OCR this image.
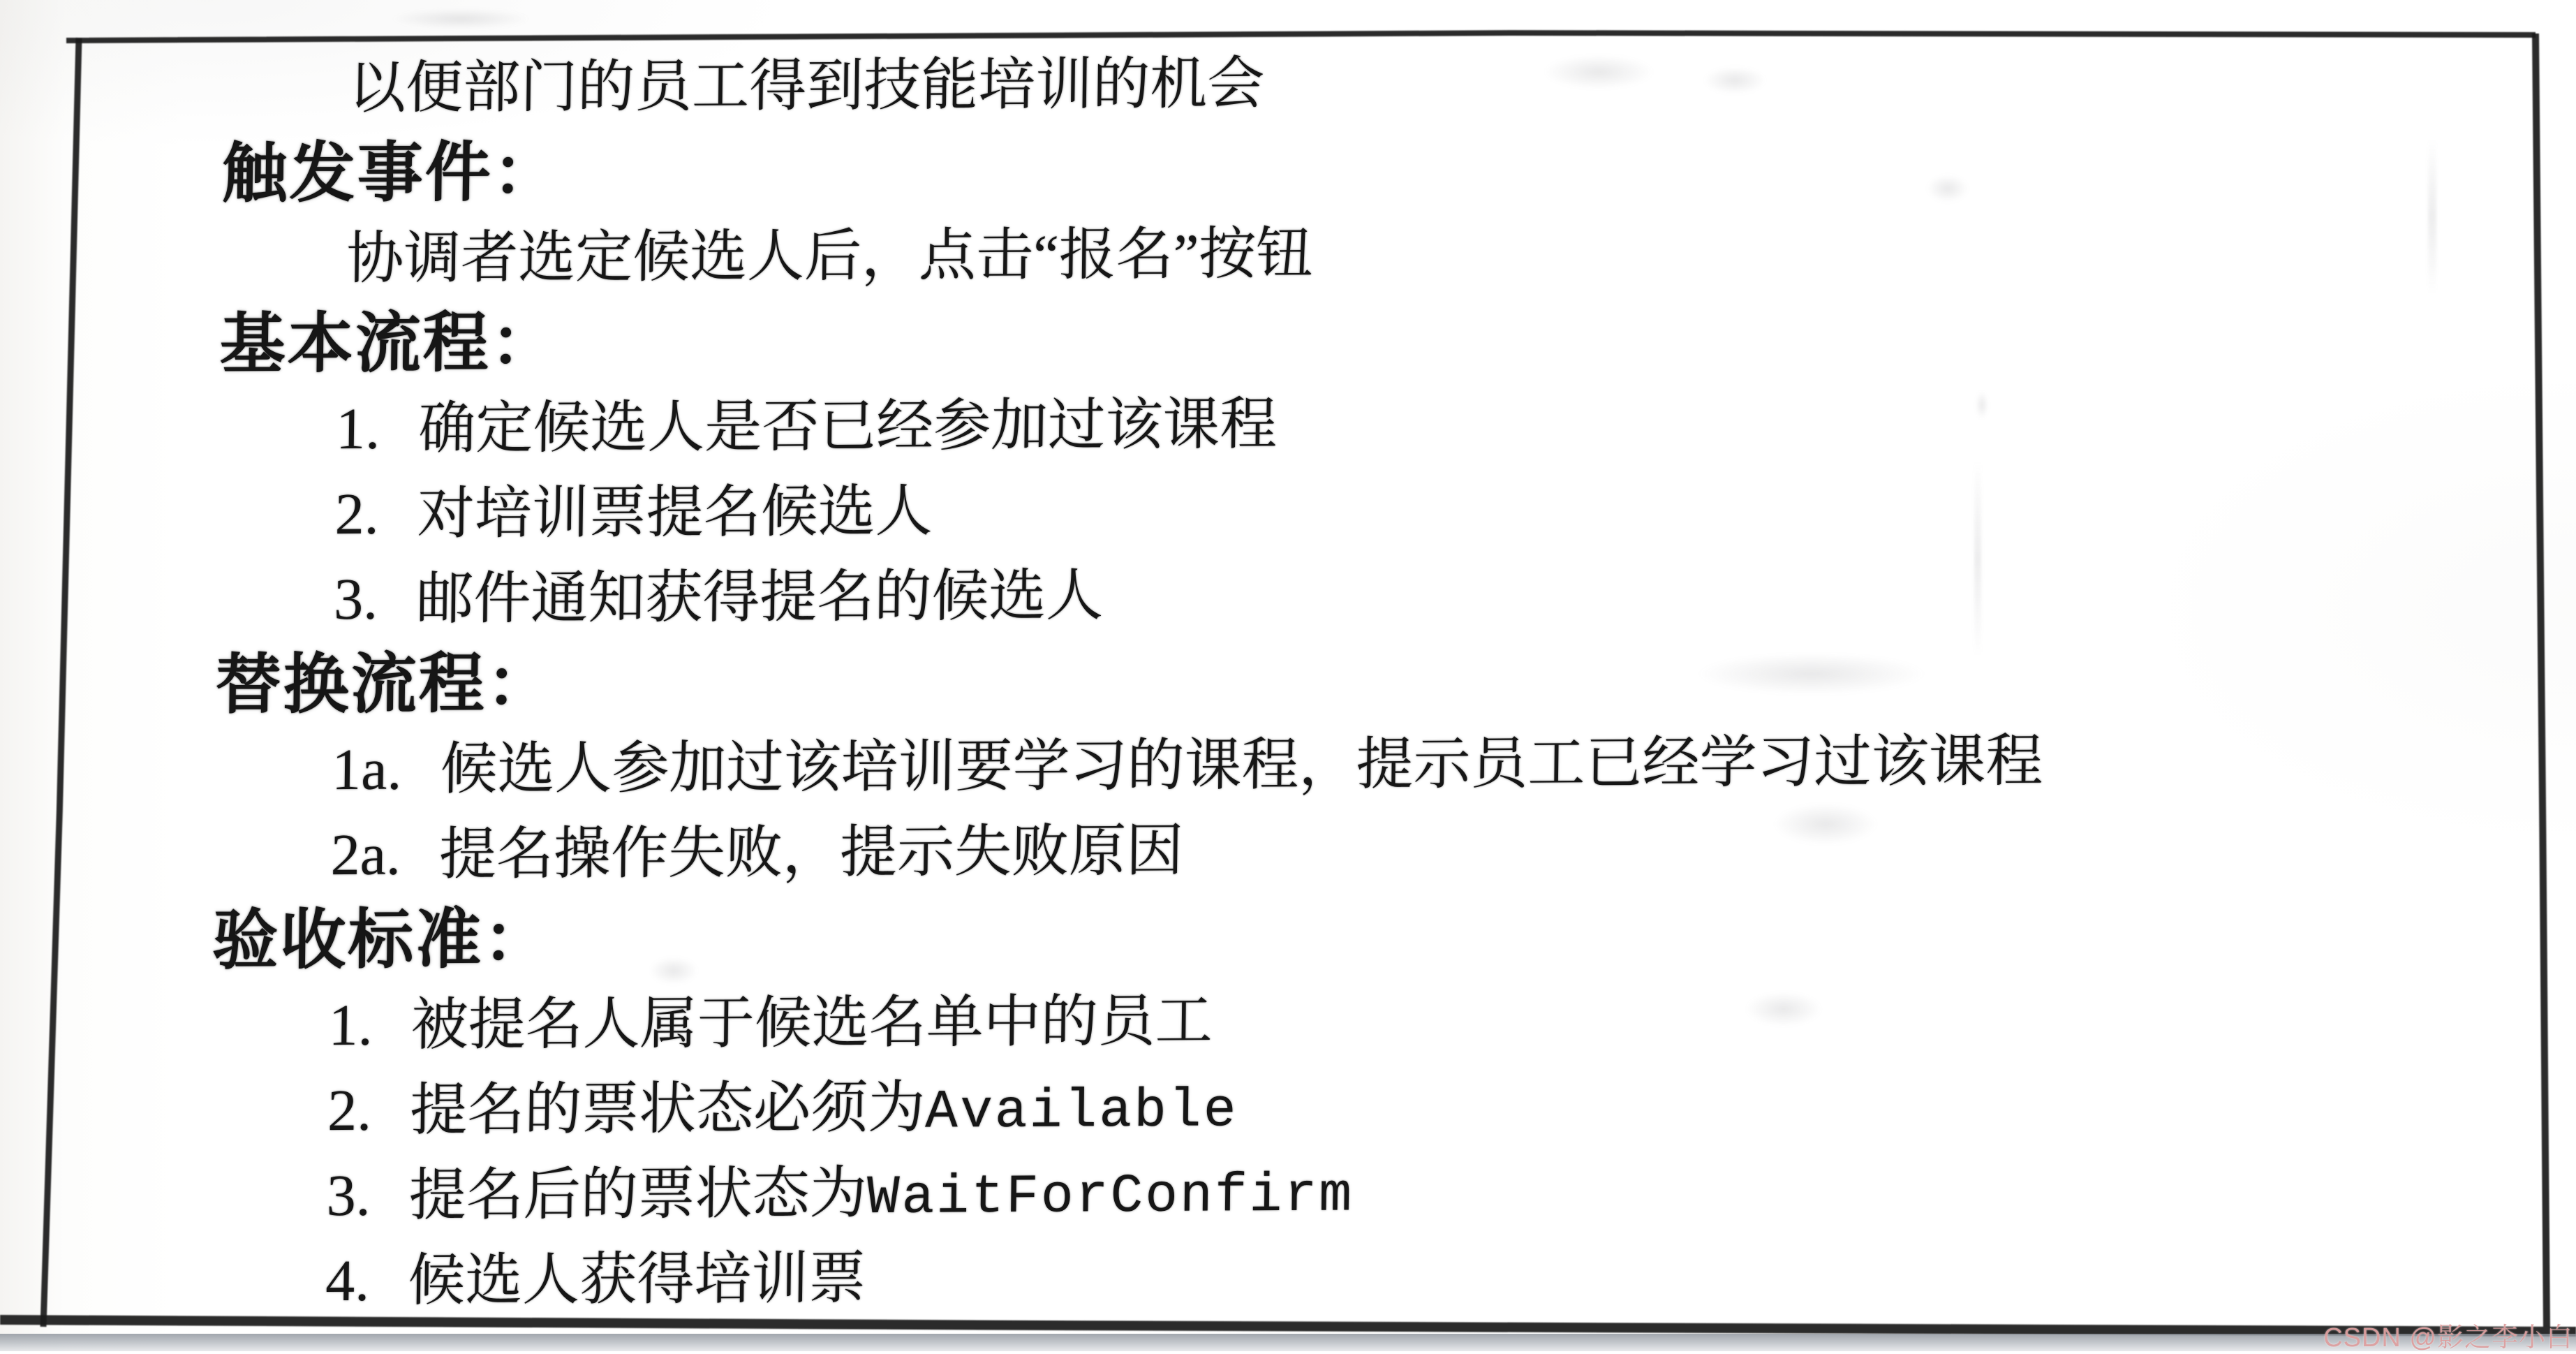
以便部门的员工得到技能培训的机会
触发事件：
协调者选定候选人后，点击“报名”按钮
基本流程：
1. 确定候选人是否已经参加过该课程
2. 对培训票提名候选人
3. 邮件通知获得提名的候选人
替换流程：
1a. 候选人参加过该培训要学习的课程，提示员工已经学习过该课程
2a. 提名操作失败，提示失败原因
验收标准：
1. 被提名人属于候选名单中的员工
2. 提名的票状态必须为Available
3. 提名后的票状态为WaitForConfirm
4. 候选人获得培训票
CSDN @影之李小白
